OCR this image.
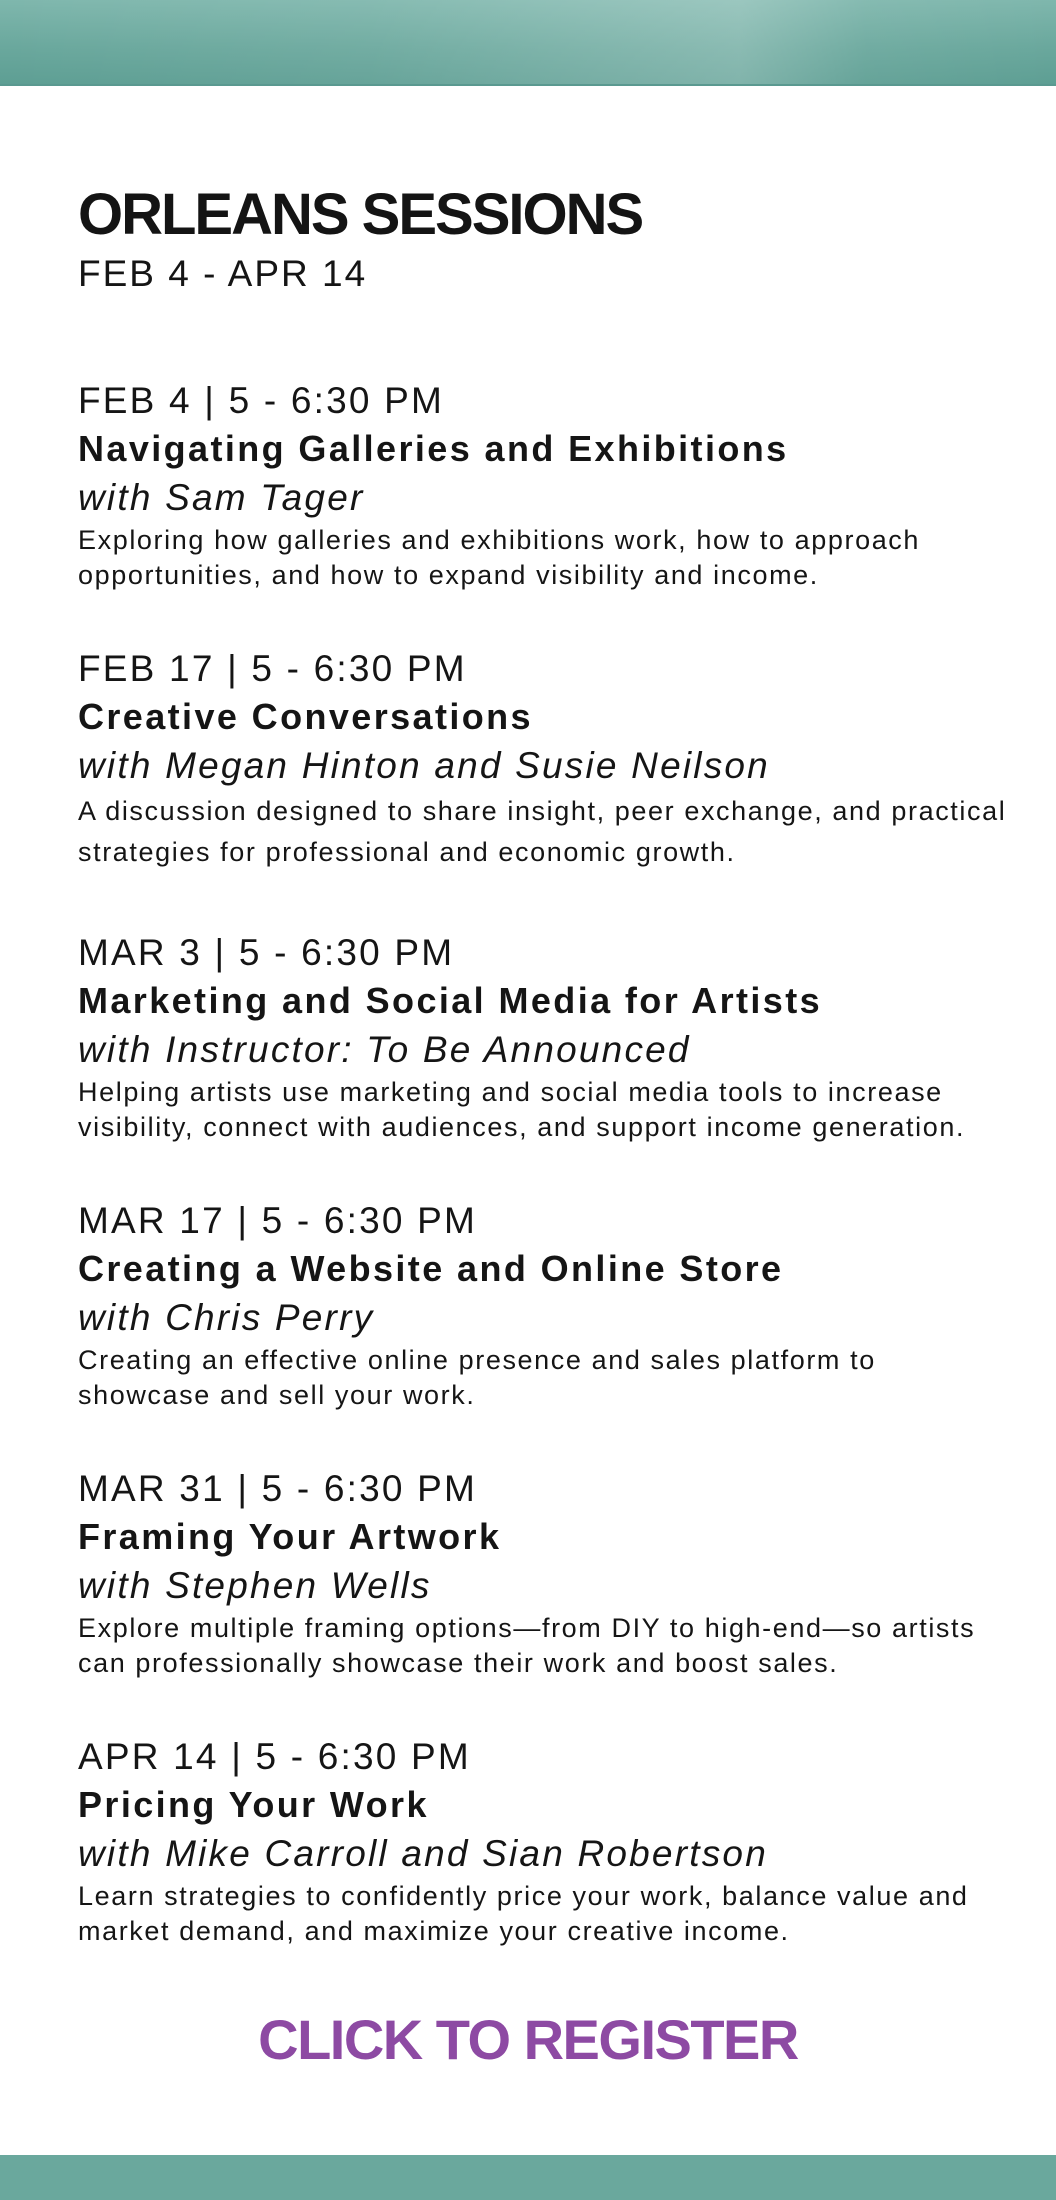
ORLEANS SESSIONS
FEB 4 - APR 14
FEB 4 | 5 - 6:30 PM
Navigating Galleries and Exhibitions
with Sam Tager
Exploring how galleries and exhibitions work, how to approach opportunities, and how to expand visibility and income.
FEB 17 | 5 - 6:30 PM
Creative Conversations
with Megan Hinton and Susie Neilson
A discussion designed to share insight, peer exchange, and practical strategies for professional and economic growth.
MAR 3 | 5 - 6:30 PM
Marketing and Social Media for Artists
with Instructor: To Be Announced
Helping artists use marketing and social media tools to increase visibility, connect with audiences, and support income generation.
MAR 17 | 5 - 6:30 PM
Creating a Website and Online Store
with Chris Perry
Creating an effective online presence and sales platform to showcase and sell your work.
MAR 31 | 5 - 6:30 PM
Framing Your Artwork
with Stephen Wells
Explore multiple framing options—from DIY to high-end—so artists can professionally showcase their work and boost sales.
APR 14 | 5 - 6:30 PM
Pricing Your Work
with Mike Carroll and Sian Robertson
Learn strategies to confidently price your work, balance value and market demand, and maximize your creative income.
CLICK TO REGISTER
